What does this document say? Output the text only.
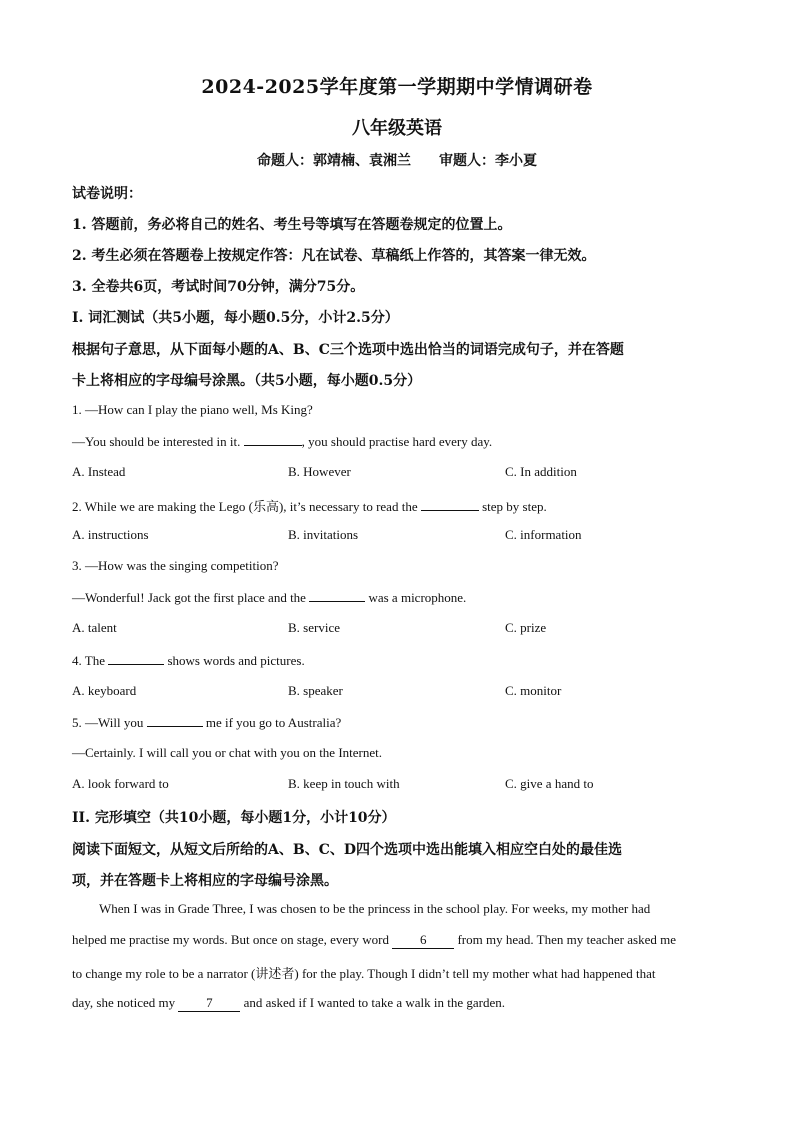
2024-2025学年度第一学期期中学情调研卷
八年级英语
命题人：郭靖楠、袁湘兰　　审题人：李小夏
试卷说明：
1. 答题前，务必将自己的姓名、考生号等填写在答题卷规定的位置上。
2. 考生必须在答题卷上按规定作答：凡在试卷、草稿纸上作答的，其答案一律无效。
3. 全卷共6页，考试时间70分钟，满分75分。
I. 词汇测试（共5小题，每小题0.5分，小计2.5分）
根据句子意思，从下面每小题的A、B、C三个选项中选出恰当的词语完成句子，并在答题
卡上将相应的字母编号涂黑。（共5小题，每小题0.5分）
1. —How can I play the piano well, Ms King?
—You should be interested in it.	, you should practise hard every day.
A. Instead	B. However	C. In addition
2. While we are making the Lego (乐高), it’s necessary to read the	step by step.
A. instructions	B. invitations	C. information
3. —How was the singing competition?
—Wonderful! Jack got the first place and the	was a microphone.
A. talent	B. service	C. prize
4. The	shows words and pictures.
A. keyboard	B. speaker	C. monitor
5. —Will you	me if you go to Australia?
—Certainly. I will call you or chat with you on the Internet.
A. look forward to	B. keep in touch with	C. give a hand to
II. 完形填空（共10小题，每小题1分，小计10分）
阅读下面短文，从短文后所给的A、B、C、D四个选项中选出能填入相应空白处的最佳选
项，并在答题卡上将相应的字母编号涂黑。
When I was in Grade Three, I was chosen to be the princess in the school play. For weeks, my mother had
helped me practise my words. But once on stage, every word 6 from my head. Then my teacher asked me
to change my role to be a narrator (讲述者) for the play. Though I didn’t tell my mother what had happened that
day, she noticed my 7 and asked if I wanted to take a walk in the garden.
